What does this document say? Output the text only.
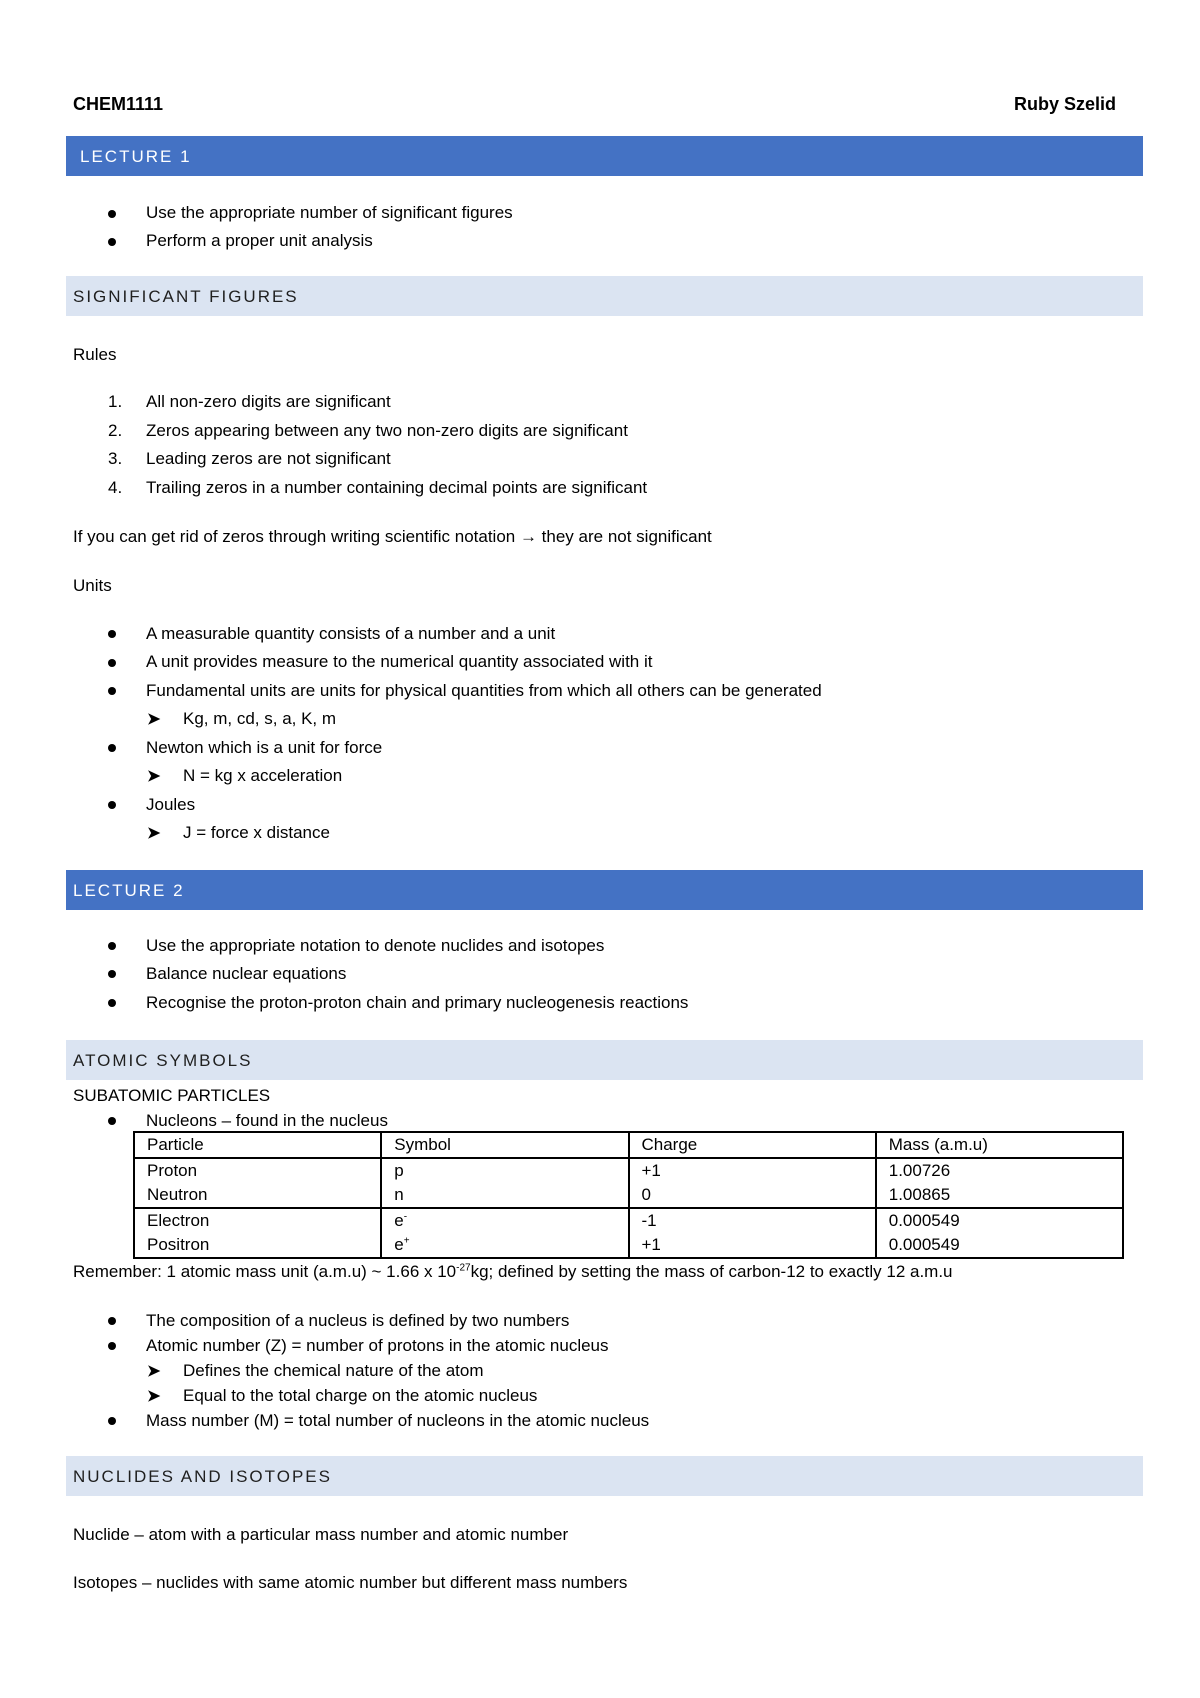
CHEM1111	Ruby Szelid
LECTURE 1
Use the appropriate number of significant figures
Perform a proper unit analysis
SIGNIFICANT FIGURES
Rules
1. All non-zero digits are significant
2. Zeros appearing between any two non-zero digits are significant
3. Leading zeros are not significant
4. Trailing zeros in a number containing decimal points are significant
If you can get rid of zeros through writing scientific notation → they are not significant
Units
A measurable quantity consists of a number and a unit
A unit provides measure to the numerical quantity associated with it
Fundamental units are units for physical quantities from which all others can be generated
➤ Kg, m, cd, s, a, K, m
Newton which is a unit for force
➤ N = kg x acceleration
Joules
➤ J = force x distance
LECTURE 2
Use the appropriate notation to denote nuclides and isotopes
Balance nuclear equations
Recognise the proton-proton chain and primary nucleogenesis reactions
ATOMIC SYMBOLS
SUBATOMIC PARTICLES
Nucleons – found in the nucleus
Particle	Symbol	Charge	Mass (a.m.u)
Proton	p	+1	1.00726
Neutron	n	0	1.00865
Electron	e-	-1	0.000549
Positron	e+	+1	0.000549
Remember: 1 atomic mass unit (a.m.u) ~ 1.66 x $10^{-27}kg$; defined by setting the mass of carbon-12 to exactly 12 a.m.u
The composition of a nucleus is defined by two numbers
Atomic number (Z) = number of protons in the atomic nucleus
➤ Defines the chemical nature of the atom
➤ Equal to the total charge on the atomic nucleus
Mass number (M) = total number of nucleons in the atomic nucleus
NUCLIDES AND ISOTOPES
Nuclide – atom with a particular mass number and atomic number
Isotopes – nuclides with same atomic number but different mass numbers
